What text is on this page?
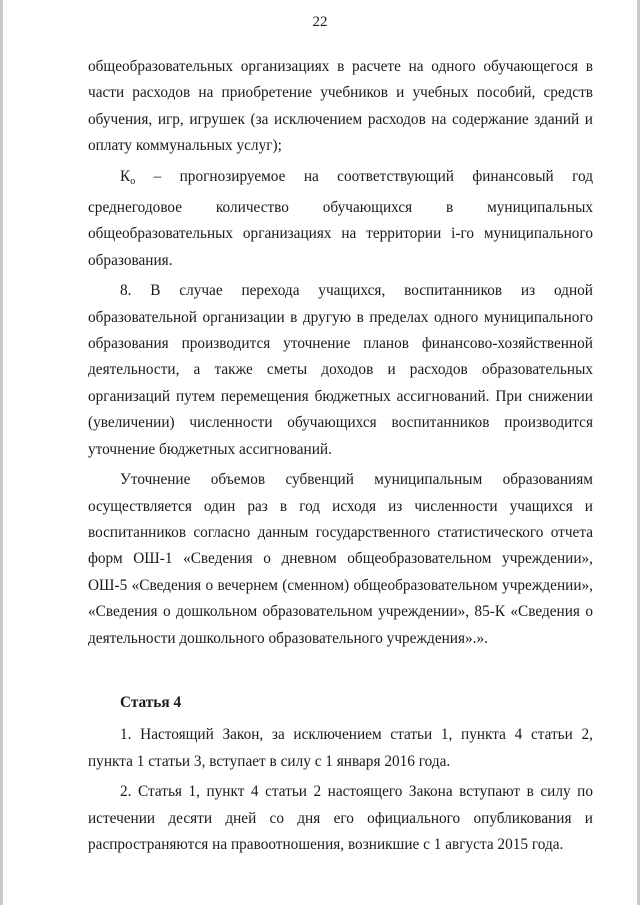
22

общеобразовательных организациях в расчете на одного обучающегося в части расходов на приобретение учебников и учебных пособий, средств обучения, игр, игрушек (за исключением расходов на содержание зданий и оплату коммунальных услуг);

$К_о$ – прогнозируемое на соответствующий финансовый год среднегодовое количество обучающихся в муниципальных общеобразовательных организациях на территории i-го муниципального образования.

8. В случае перехода учащихся, воспитанников из одной образовательной организации в другую в пределах одного муниципального образования производится уточнение планов финансово-хозяйственной деятельности, а также сметы доходов и расходов образовательных организаций путем перемещения бюджетных ассигнований. При снижении (увеличении) численности обучающихся воспитанников производится уточнение бюджетных ассигнований.

Уточнение объемов субвенций муниципальным образованиям осуществляется один раз в год исходя из численности учащихся и воспитанников согласно данным государственного статистического отчета форм ОШ-1 «Сведения о дневном общеобразовательном учреждении», ОШ-5 «Сведения о вечернем (сменном) общеобразовательном учреждении», «Сведения о дошкольном образовательном учреждении», 85-К «Сведения о деятельности дошкольного образовательного учреждения».».

Статья 4

1. Настоящий Закон, за исключением статьи 1, пункта 4 статьи 2, пункта 1 статьи 3, вступает в силу с 1 января 2016 года.

2. Статья 1, пункт 4 статьи 2 настоящего Закона вступают в силу по истечении десяти дней со дня его официального опубликования и распространяются на правоотношения, возникшие с 1 августа 2015 года.
